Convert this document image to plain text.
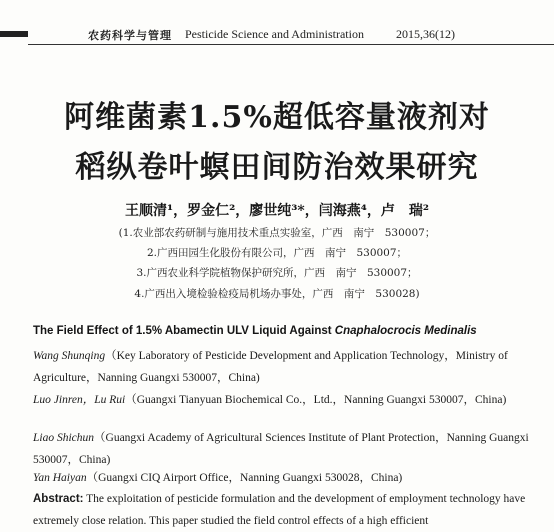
农药科学与管理 Pesticide Science and Administration	2015,36(12)
阿维菌素1.5%超低容量液剂对
稻纵卷叶螟田间防治效果研究
王顺清¹，罗金仁²，廖世纯³*，闫海燕⁴，卢　瑞²
(1.农业部农药研制与施用技术重点实验室，广西　南宁　530007；
2.广西田园生化股份有限公司，广西　南宁　530007；
3.广西农业科学院植物保护研究所，广西　南宁　530007；
4.广西出入境检验检疫局机场办事处，广西　南宁　530028)
The Field Effect of 1.5% Abamectin ULV Liquid Against Cnaphalocrocis Medinalis
Wang Shunqing（Key Laboratory of Pesticide Development and Application Technology，Ministry of Agriculture，Nanning Guangxi 530007，China)
Luo Jinren，Lu Rui（Guangxi Tianyuan Biochemical Co.，Ltd.，Nanning Guangxi 530007，China)
Liao Shichun（Guangxi Academy of Agricultural Sciences Institute of Plant Protection，Nanning Guangxi 530007，China)
Yan Haiyan（Guangxi CIQ Airport Office，Nanning Guangxi 530028，China)
Abstract: The exploitation of pesticide formulation and the development of employment technology have extremely close relation. This paper studied the field control effects of a high efficient
